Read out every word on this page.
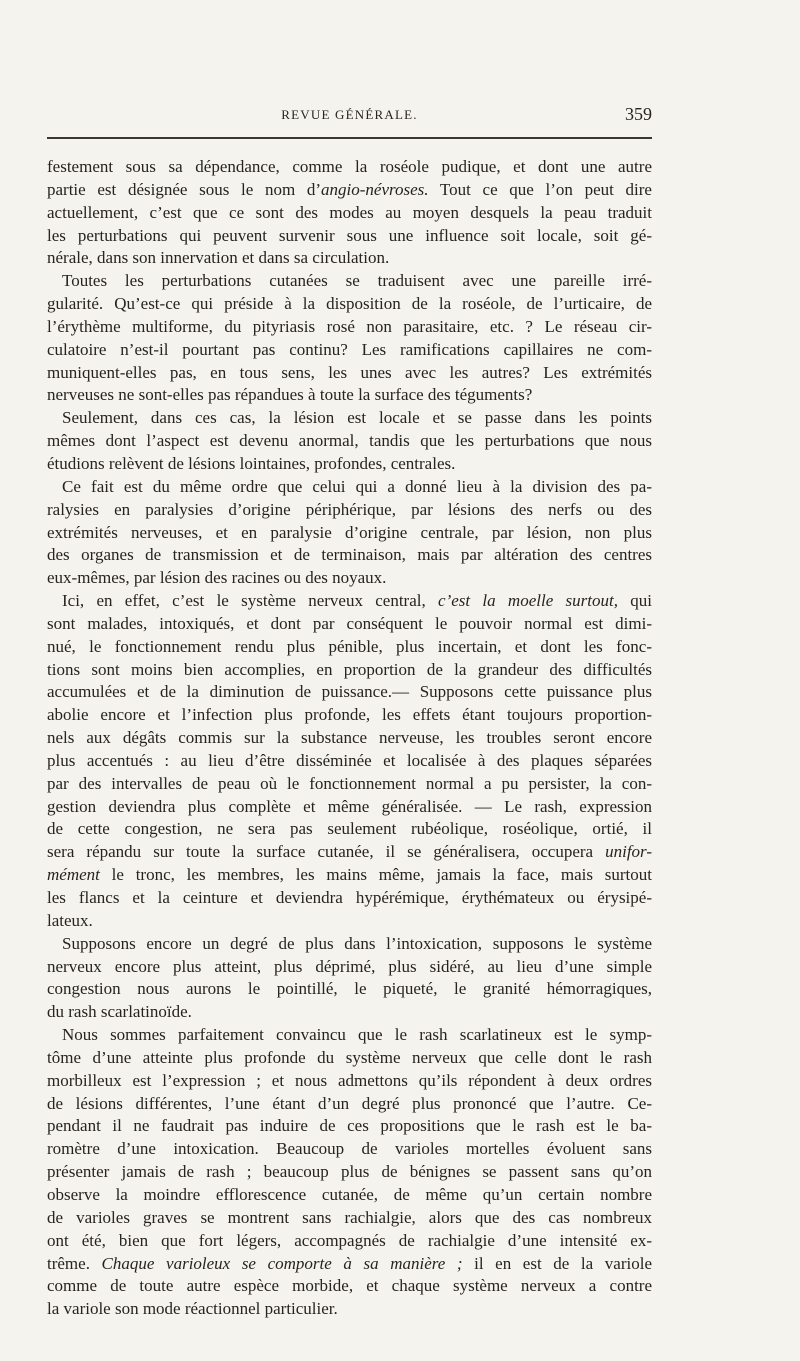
REVUE GÉNÉRALE.	359
festement sous sa dépendance, comme la roséole pudique, et dont une autre
partie est désignée sous le nom d’angio-névroses. Tout ce que l’on peut dire
actuellement, c’est que ce sont des modes au moyen desquels la peau traduit
les perturbations qui peuvent survenir sous une influence soit locale, soit gé-
nérale, dans son innervation et dans sa circulation.
Toutes les perturbations cutanées se traduisent avec une pareille irré-
gularité. Qu’est-ce qui préside à la disposition de la roséole, de l’urticaire, de
l’érythème multiforme, du pityriasis rosé non parasitaire, etc. ? Le réseau cir-
culatoire n’est-il pourtant pas continu? Les ramifications capillaires ne com-
muniquent-elles pas, en tous sens, les unes avec les autres? Les extrémités
nerveuses ne sont-elles pas répandues à toute la surface des téguments?
Seulement, dans ces cas, la lésion est locale et se passe dans les points
mêmes dont l’aspect est devenu anormal, tandis que les perturbations que nous
étudions relèvent de lésions lointaines, profondes, centrales.
Ce fait est du même ordre que celui qui a donné lieu à la division des pa-
ralysies en paralysies d’origine périphérique, par lésions des nerfs ou des
extrémités nerveuses, et en paralysie d’origine centrale, par lésion, non plus
des organes de transmission et de terminaison, mais par altération des centres
eux-mêmes, par lésion des racines ou des noyaux.
Ici, en effet, c’est le système nerveux central, c’est la moelle surtout, qui
sont malades, intoxiqués, et dont par conséquent le pouvoir normal est dimi-
nué, le fonctionnement rendu plus pénible, plus incertain, et dont les fonc-
tions sont moins bien accomplies, en proportion de la grandeur des difficultés
accumulées et de la diminution de puissance.— Supposons cette puissance plus
abolie encore et l’infection plus profonde, les effets étant toujours proportion-
nels aux dégâts commis sur la substance nerveuse, les troubles seront encore
plus accentués : au lieu d’être disséminée et localisée à des plaques séparées
par des intervalles de peau où le fonctionnement normal a pu persister, la con-
gestion deviendra plus complète et même généralisée. — Le rash, expression
de cette congestion, ne sera pas seulement rubéolique, roséolique, ortié, il
sera répandu sur toute la surface cutanée, il se généralisera, occupera unifor-
mément le tronc, les membres, les mains même, jamais la face, mais surtout
les flancs et la ceinture et deviendra hypérémique, érythémateux ou érysipé-
lateux.
Supposons encore un degré de plus dans l’intoxication, supposons le système
nerveux encore plus atteint, plus déprimé, plus sidéré, au lieu d’une simple
congestion nous aurons le pointillé, le piqueté, le granité hémorragiques,
du rash scarlatinoïde.
Nous sommes parfaitement convaincu que le rash scarlatineux est le symp-
tôme d’une atteinte plus profonde du système nerveux que celle dont le rash
morbilleux est l’expression ; et nous admettons qu’ils répondent à deux ordres
de lésions différentes, l’une étant d’un degré plus prononcé que l’autre. Ce-
pendant il ne faudrait pas induire de ces propositions que le rash est le ba-
romètre d’une intoxication. Beaucoup de varioles mortelles évoluent sans
présenter jamais de rash ; beaucoup plus de bénignes se passent sans qu’on
observe la moindre efflorescence cutanée, de même qu’un certain nombre
de varioles graves se montrent sans rachialgie, alors que des cas nombreux
ont été, bien que fort légers, accompagnés de rachialgie d’une intensité ex-
trême. Chaque varioleux se comporte à sa manière ; il en est de la variole
comme de toute autre espèce morbide, et chaque système nerveux a contre
la variole son mode réactionnel particulier.
